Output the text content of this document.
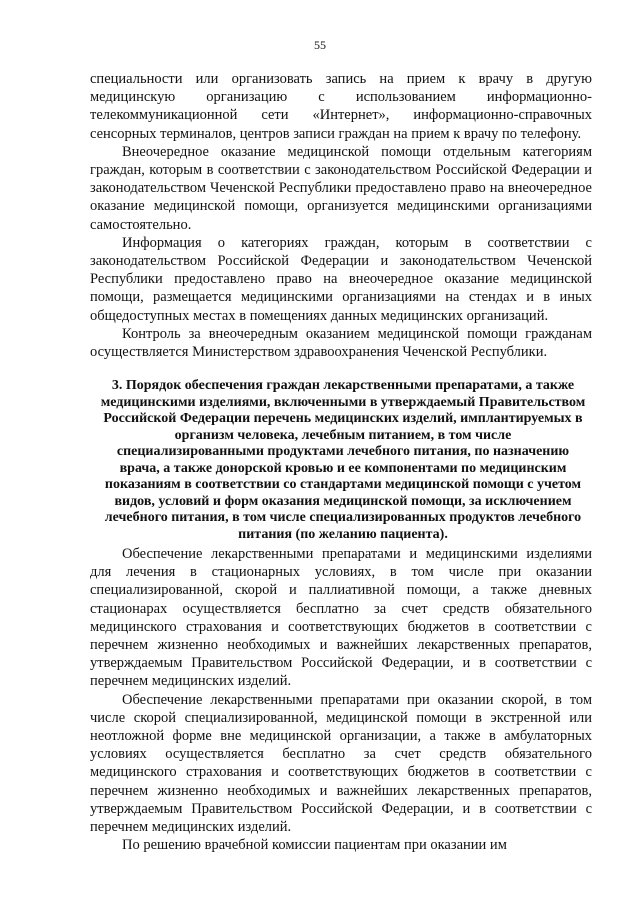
55

специальности или организовать запись на прием к врачу в другую медицинскую организацию с использованием информационно-телекоммуникационной сети «Интернет», информационно-справочных сенсорных терминалов, центров записи граждан на прием к врачу по телефону.

Внеочередное оказание медицинской помощи отдельным категориям граждан, которым в соответствии с законодательством Российской Федерации и законодательством Чеченской Республики предоставлено право на внеочередное оказание медицинской помощи, организуется медицинскими организациями самостоятельно.

Информация о категориях граждан, которым в соответствии с законодательством Российской Федерации и законодательством Чеченской Республики предоставлено право на внеочередное оказание медицинской помощи, размещается медицинскими организациями на стендах и в иных общедоступных местах в помещениях данных медицинских организаций.

Контроль за внеочередным оказанием медицинской помощи гражданам осуществляется Министерством здравоохранения Чеченской Республики.

3. Порядок обеспечения граждан лекарственными препаратами, а также медицинскими изделиями, включенными в утверждаемый Правительством Российской Федерации перечень медицинских изделий, имплантируемых в организм человека, лечебным питанием, в том числе специализированными продуктами лечебного питания, по назначению врача, а также донорской кровью и ее компонентами по медицинским показаниям в соответствии со стандартами медицинской помощи с учетом видов, условий и форм оказания медицинской помощи, за исключением лечебного питания, в том числе специализированных продуктов лечебного питания (по желанию пациента).

Обеспечение лекарственными препаратами и медицинскими изделиями для лечения в стационарных условиях, в том числе при оказании специализированной, скорой и паллиативной помощи, а также дневных стационарах осуществляется бесплатно за счет средств обязательного медицинского страхования и соответствующих бюджетов в соответствии с перечнем жизненно необходимых и важнейших лекарственных препаратов, утверждаемым Правительством Российской Федерации, и в соответствии с перечнем медицинских изделий.

Обеспечение лекарственными препаратами при оказании скорой, в том числе скорой специализированной, медицинской помощи в экстренной или неотложной форме вне медицинской организации, а также в амбулаторных условиях осуществляется бесплатно за счет средств обязательного медицинского страхования и соответствующих бюджетов в соответствии с перечнем жизненно необходимых и важнейших лекарственных препаратов, утверждаемым Правительством Российской Федерации, и в соответствии с перечнем медицинских изделий.

По решению врачебной комиссии пациентам при оказании им
